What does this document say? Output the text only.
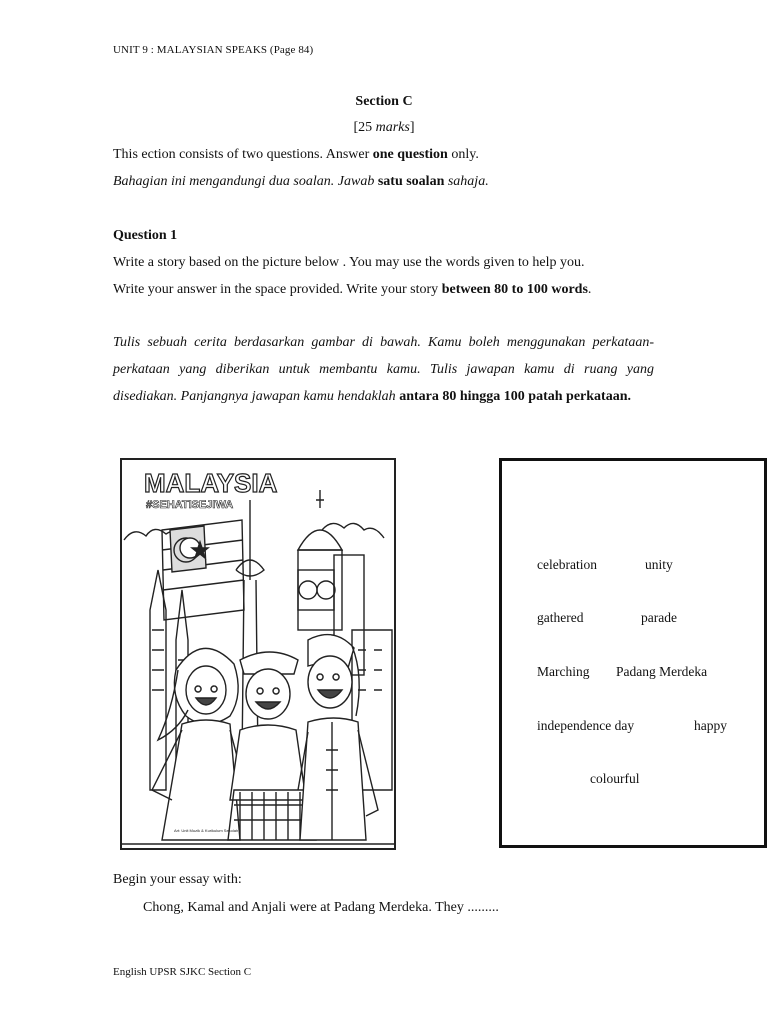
UNIT 9 : MALAYSIAN SPEAKS (Page 84)
Section C
[25 marks]
This ection consists of two questions. Answer one question only.
Bahagian ini mengandungi dua soalan. Jawab satu soalan sahaja.
Question 1
Write a story based on the picture below . You may use the words given to help you.
Write your answer in the space provided. Write your story between 80 to 100 words.
Tulis sebuah cerita berdasarkan gambar di bawah. Kamu boleh menggunakan perkataan-perkataan yang diberikan untuk membantu kamu. Tulis jawapan kamu di ruang yang disediakan. Panjangnya jawapan kamu hendaklah antara 80 hingga 100 patah perkataan.
MALAYSIA
#SEHATISEJIWA
Art: Unit Muzik & Kurikulum Sekolah
celebration	unity
gathered	parade
Marching Padang Merdeka
independence day	happy
colourful
Begin your essay with:
Chong, Kamal and Anjali were at Padang Merdeka. They .........
English UPSR SJKC Section C
